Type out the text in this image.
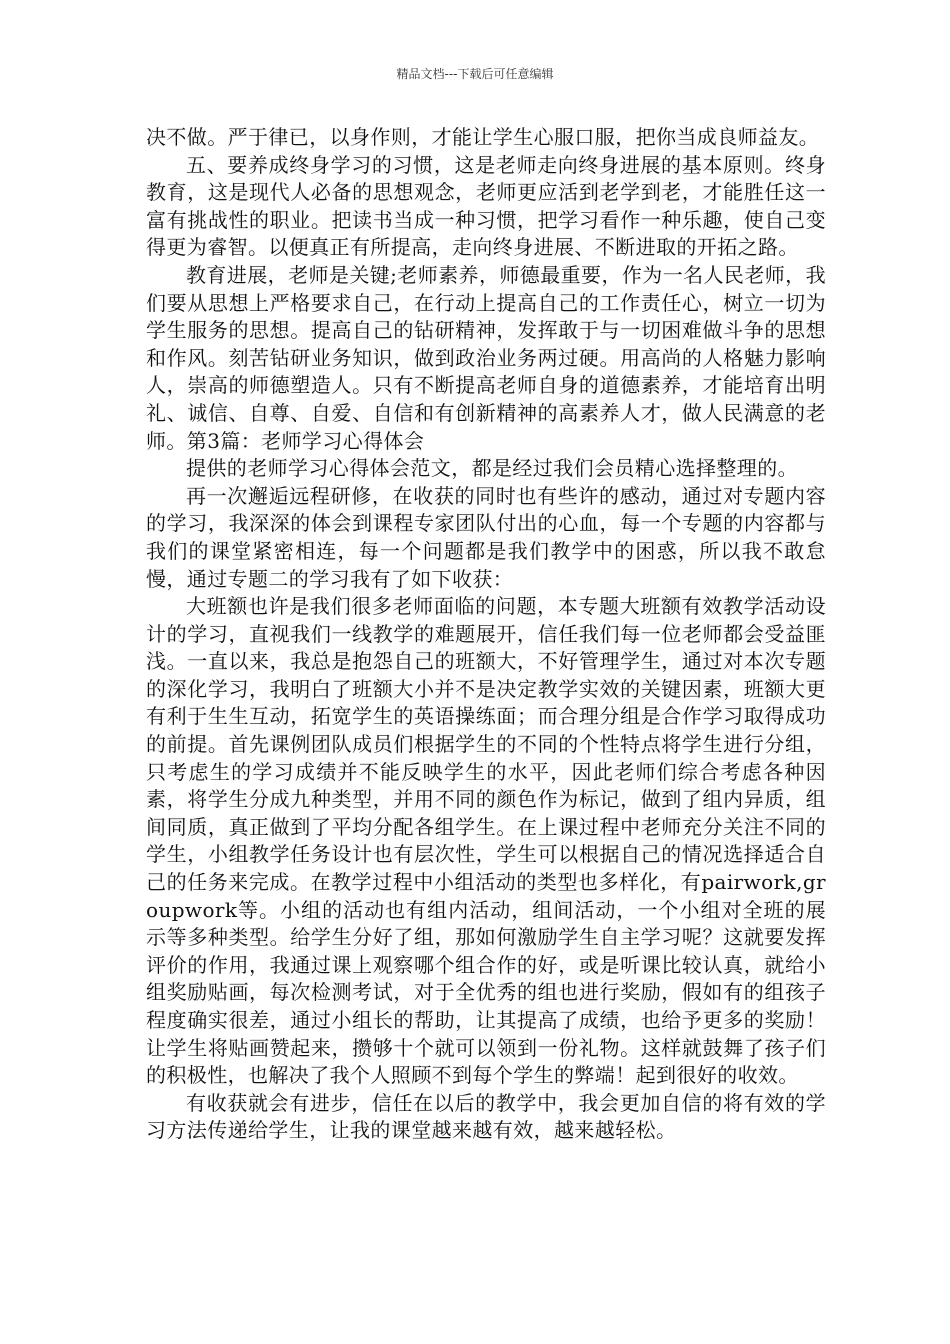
精品文档---下载后可任意编辑

决不做。严于律已，以身作则，才能让学生心服口服，把你当成良师益友。

五、要养成终身学习的习惯，这是老师走向终身进展的基本原则。终身教育，这是现代人必备的思想观念，老师更应活到老学到老，才能胜任这一富有挑战性的职业。把读书当成一种习惯，把学习看作一种乐趣，使自己变得更为睿智。以便真正有所提高，走向终身进展、不断进取的开拓之路。

教育进展，老师是关键;老师素养，师德最重要，作为一名人民老师，我们要从思想上严格要求自己，在行动上提高自己的工作责任心，树立一切为学生服务的思想。提高自己的钻研精神，发挥敢于与一切困难做斗争的思想和作风。刻苦钻研业务知识，做到政治业务两过硬。用高尚的人格魅力影响人，崇高的师德塑造人。只有不断提高老师自身的道德素养，才能培育出明礼、诚信、自尊、自爱、自信和有创新精神的高素养人才，做人民满意的老师。第3篇：老师学习心得体会

提供的老师学习心得体会范文，都是经过我们会员精心选择整理的。

再一次邂逅远程研修，在收获的同时也有些许的感动，通过对专题内容的学习，我深深的体会到课程专家团队付出的心血，每一个专题的内容都与我们的课堂紧密相连，每一个问题都是我们教学中的困惑，所以我不敢怠慢，通过专题二的学习我有了如下收获：

大班额也许是我们很多老师面临的问题，本专题大班额有效教学活动设计的学习，直视我们一线教学的难题展开，信任我们每一位老师都会受益匪浅。一直以来，我总是抱怨自己的班额大，不好管理学生，通过对本次专题的深化学习，我明白了班额大小并不是决定教学实效的关键因素，班额大更有利于生生互动，拓宽学生的英语操练面；而合理分组是合作学习取得成功的前提。首先课例团队成员们根据学生的不同的个性特点将学生进行分组，只考虑生的学习成绩并不能反映学生的水平，因此老师们综合考虑各种因素，将学生分成九种类型，并用不同的颜色作为标记，做到了组内异质，组间同质，真正做到了平均分配各组学生。在上课过程中老师充分关注不同的学生，小组教学任务设计也有层次性，学生可以根据自己的情况选择适合自己的任务来完成。在教学过程中小组活动的类型也多样化，有pairwork,groupwork等。小组的活动也有组内活动，组间活动，一个小组对全班的展示等多种类型。给学生分好了组，那如何激励学生自主学习呢？这就要发挥评价的作用，我通过课上观察哪个组合作的好，或是听课比较认真，就给小组奖励贴画，每次检测考试，对于全优秀的组也进行奖励，假如有的组孩子程度确实很差，通过小组长的帮助，让其提高了成绩，也给予更多的奖励！让学生将贴画赞起来，攒够十个就可以领到一份礼物。这样就鼓舞了孩子们的积极性，也解决了我个人照顾不到每个学生的弊端！起到很好的收效。

有收获就会有进步，信任在以后的教学中，我会更加自信的将有效的学习方法传递给学生，让我的课堂越来越有效，越来越轻松。
